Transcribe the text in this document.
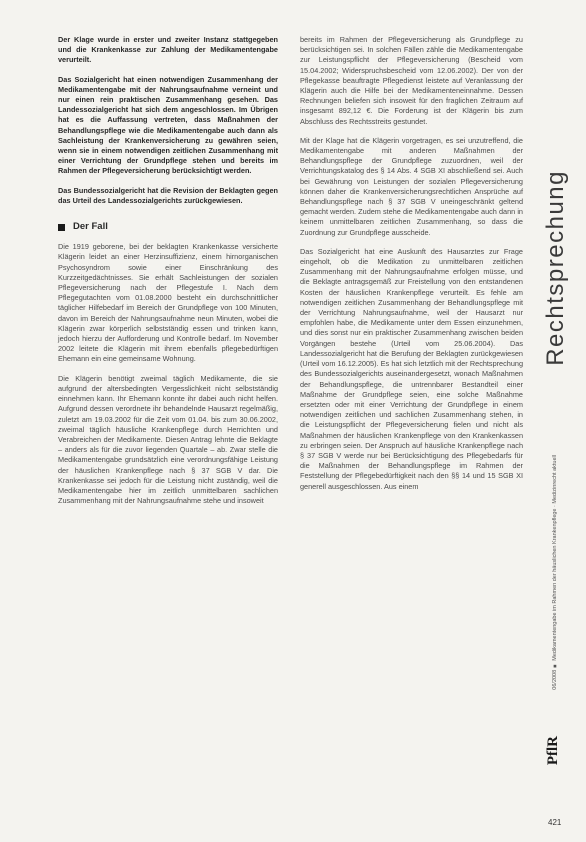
Der Klage wurde in erster und zweiter Instanz stattgegeben und die Krankenkasse zur Zahlung der Medikamentengabe verurteilt.

Das Sozialgericht hat einen notwendigen Zusammenhang der Medikamentengabe mit der Nahrungsaufnahme verneint und nur einen rein praktischen Zusammenhang gesehen. Das Landessozialgericht hat sich dem angeschlossen. Im Übrigen hat es die Auffassung vertreten, dass Maßnahmen der Behandlungspflege wie die Medikamentengabe auch dann als Sachleistung der Krankenversicherung zu gewähren seien, wenn sie in einem notwendigen zeitlichen Zusammenhang mit einer Verrichtung der Grundpflege stehen und bereits im Rahmen der Pflegeversicherung berücksichtigt werden.

Das Bundessozialgericht hat die Revision der Beklagten gegen das Urteil des Landessozialgerichts zurückgewiesen.

Der Fall

Die 1919 geborene, bei der beklagten Krankenkasse versicherte Klägerin leidet an einer Herzinsuffizienz, einem hirnorganischen Psychosyndrom sowie einer Einschränkung des Kurzzeitgedächtnisses. Sie erhält Sachleistungen der sozialen Pflegeversicherung nach der Pflegestufe I. Nach dem Pflegegutachten vom 01.08.2000 besteht ein durchschnittlicher täglicher Hilfebedarf im Bereich der Grundpflege von 100 Minuten, davon im Bereich der Nahrungsaufnahme neun Minuten, wobei die Klägerin zwar körperlich selbstständig essen und trinken kann, jedoch hierzu der Aufforderung und Kontrolle bedarf. Im November 2002 leitete die Klägerin mit ihrem ebenfalls pflegebedürftigen Ehemann ein eine gemeinsame Wohnung.

Die Klägerin benötigt zweimal täglich Medikamente, die sie aufgrund der altersbedingten Vergesslichkeit nicht selbstständig einnehmen kann. Ihr Ehemann konnte ihr dabei auch nicht helfen. Aufgrund dessen verordnete ihr behandelnde Hausarzt regelmäßig, zuletzt am 19.03.2002 für die Zeit vom 01.04. bis zum 30.06.2002, zweimal täglich häusliche Krankenpflege durch Herrichten und Verabreichen der Medikamente. Diesen Antrag lehnte die Beklagte – anders als für die zuvor liegenden Quartale – ab. Zwar stelle die Medikamentengabe grundsätzlich eine verordnungsfähige Leistung der häuslichen Krankenpflege nach § 37 SGB V dar. Die Krankenkasse sei jedoch für die Leistung nicht zuständig, weil die Medikamentengabe hier im zeitlich unmittelbaren sachlichen Zusammenhang mit der Nahrungsaufnahme stehe und insoweit

bereits im Rahmen der Pflegeversicherung als Grundpflege zu berücksichtigen sei. In solchen Fällen zähle die Medikamentengabe zur Leistungspflicht der Pflegeversicherung (Bescheid vom 15.04.2002; Widerspruchsbescheid vom 12.06.2002). Der von der Pflegekasse beauftragte Pflegedienst leistete auf Veranlassung der Klägerin auch die Hilfe bei der Medikamenteneinnahme. Dessen Rechnungen beliefen sich insoweit für den fraglichen Zeitraum auf insgesamt 892,12 €. Die Forderung ist der Klägerin bis zum Abschluss des Rechtsstreits gestundet.

Mit der Klage hat die Klägerin vorgetragen, es sei unzutreffend, die Medikamentengabe mit anderen Maßnahmen der Behandlungspflege der Grundpflege zuzuordnen, weil der Verrichtungskatalog des § 14 Abs. 4 SGB XI abschließend sei. Auch bei Gewährung von Leistungen der sozialen Pflegeversicherung können daher die Krankenversicherungsrechtlichen Ansprüche auf Behandlungspflege nach § 37 SGB V uneingeschränkt geltend gemacht werden. Zudem stehe die Medikamentengabe auch dann in keinem unmittelbaren zeitlichen Zusammenhang, so dass die Zuordnung zur Grundpflege ausscheide.

Das Sozialgericht hat eine Auskunft des Hausarztes zur Frage eingeholt, ob die Medikation zu unmittelbaren zeitlichen Zusammenhang mit der Nahrungsaufnahme erfolgen müsse, und die Beklagte antragsgemäß zur Freistellung von den entstandenen Kosten der häuslichen Krankenpflege verurteilt. Es fehle am notwendigen zeitlichen Zusammenhang der Behandlungspflege mit der Verrichtung Nahrungsaufnahme, weil der Hausarzt nur empfohlen habe, die Medikamente unter dem Essen einzunehmen, und dies sonst nur ein praktischer Zusammenhang zwischen beiden Vorgängen bestehe (Urteil vom 25.06.2004). Das Landessozialgericht hat die Berufung der Beklagten zurückgewiesen (Urteil vom 16.12.2005). Es hat sich letztlich mit der Rechtsprechung des Bundessozialgerichts auseinandergesetzt, wonach Maßnahmen der Behandlungspflege, die untrennbarer Bestandteil einer Maßnahme der Grundpflege seien, eine solche Maßnahme ersetzten oder mit einer Verrichtung der Grundpflege in einem notwendigen zeitlichen und sachlichen Zusammenhang stehen, in die Leistungspflicht der Pflegeversicherung fielen und nicht als Maßnahmen der häuslichen Krankenpflege von den Krankenkassen zu erbringen seien. Der Anspruch auf häusliche Krankenpflege nach § 37 SGB V werde nur bei Berücksichtigung des Pflegebedarfs für die Maßnahmen der Behandlungspflege im Rahmen der Feststellung der Pflegebedürftigkeit nach den §§ 14 und 15 SGB XI generell ausgeschlossen. Aus einem

Rechtsprechung
06/2008 ■ Medikamentengabe im Rahmen der häuslichen Krankenpflege · Medizinrecht aktuell
PflR
421
